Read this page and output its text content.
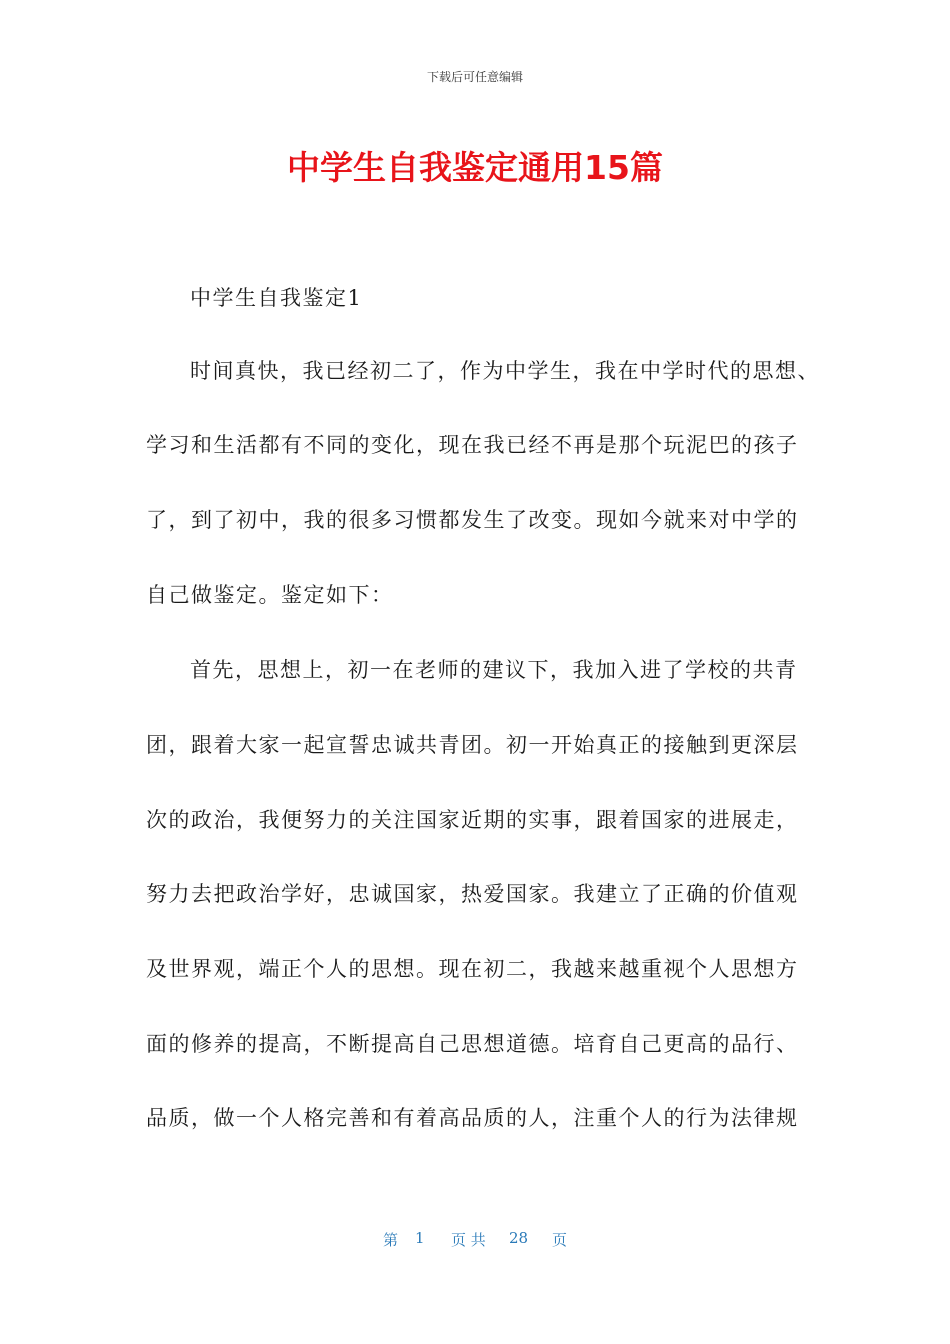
下载后可任意编辑
中学生自我鉴定通用15篇
中学生自我鉴定1
时间真快，我已经初二了，作为中学生，我在中学时代的思想、
学习和生活都有不同的变化，现在我已经不再是那个玩泥巴的孩子
了，到了初中，我的很多习惯都发生了改变。现如今就来对中学的
自己做鉴定。鉴定如下：
首先，思想上，初一在老师的建议下，我加入进了学校的共青
团，跟着大家一起宣誓忠诚共青团。初一开始真正的接触到更深层
次的政治，我便努力的关注国家近期的实事，跟着国家的进展走，
努力去把政治学好，忠诚国家，热爱国家。我建立了正确的价值观
及世界观，端正个人的思想。现在初二，我越来越重视个人思想方
面的修养的提高，不断提高自己思想道德。培育自己更高的品行、
品质，做一个人格完善和有着高品质的人，注重个人的行为法律规
第 1 页 共 28 页
